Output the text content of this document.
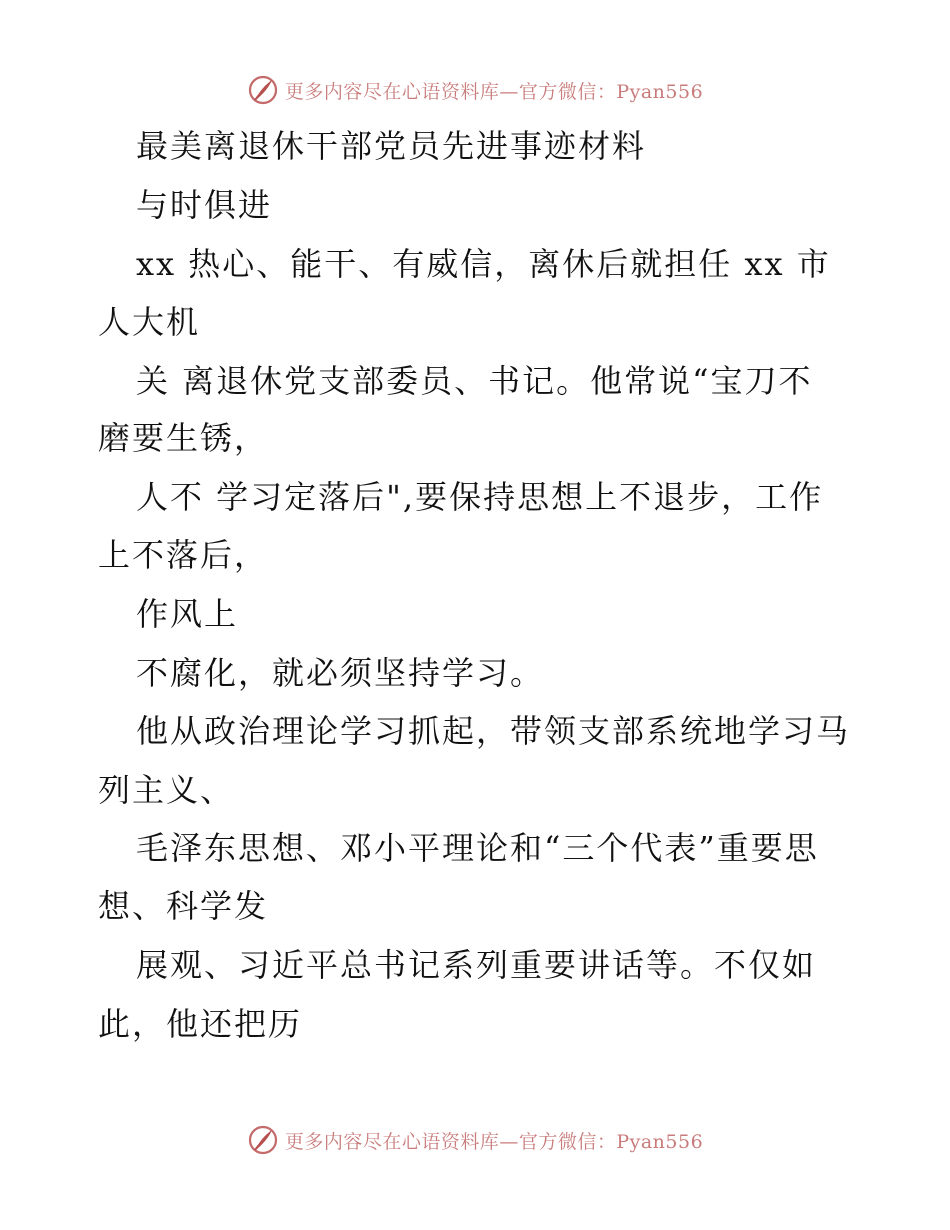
更多内容尽在心语资料库—官方微信：Pyan556
最美离退休干部党员先进事迹材料
与时俱进
xx 热心、能干、有威信，离休后就担任 xx 市
人大机
关 离退休党支部委员、书记。他常说“宝刀不
磨要生锈，
人不 学习定落后",要保持思想上不退步，工作
上不落后，
作风上
不腐化，就必须坚持学习。
他从政治理论学习抓起，带领支部系统地学习马
列主义、
毛泽东思想、邓小平理论和“三个代表”重要思
想、科学发
展观、习近平总书记系列重要讲话等。不仅如
此，他还把历
更多内容尽在心语资料库—官方微信：Pyan556
